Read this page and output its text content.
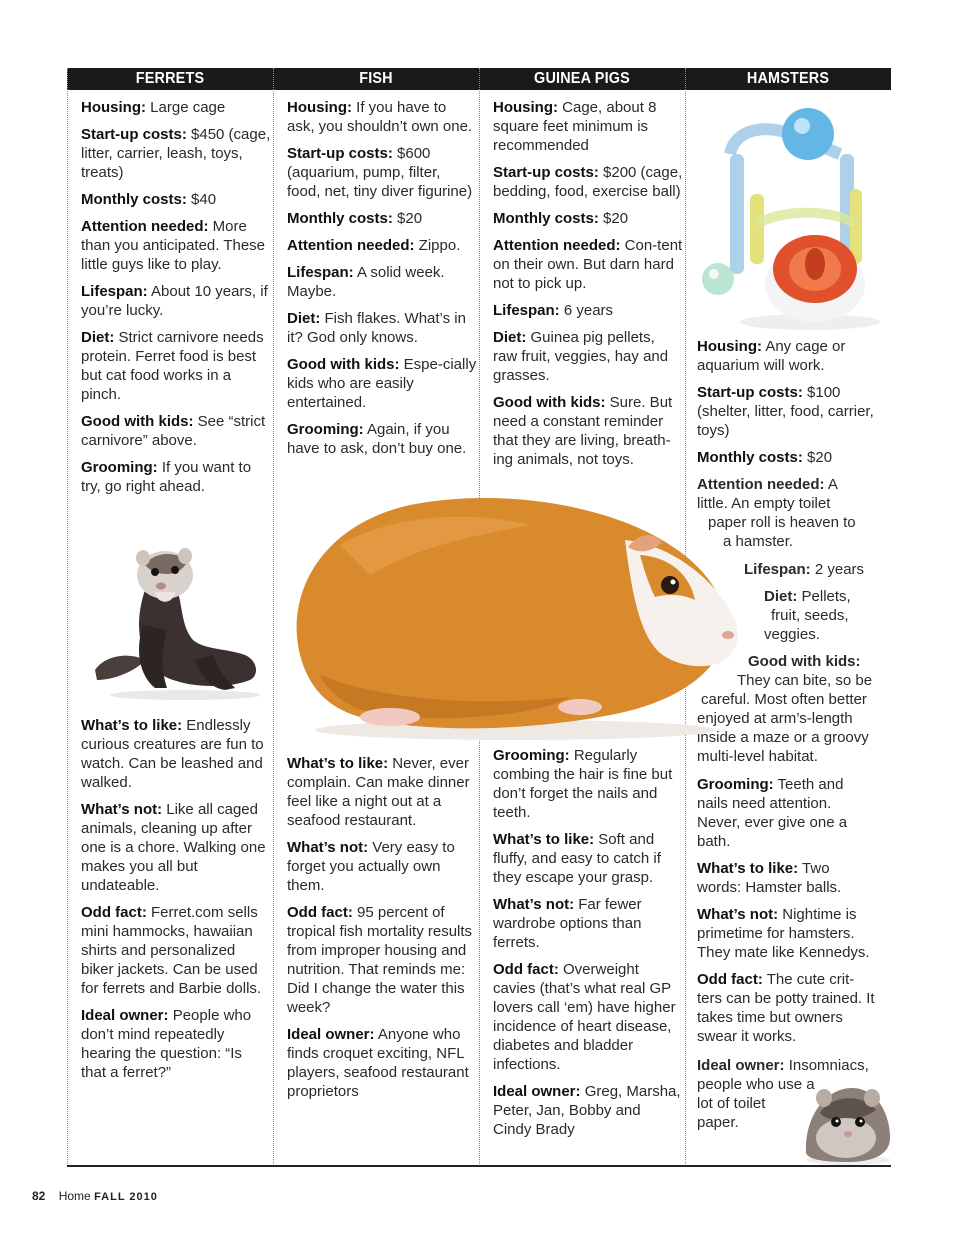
FERRETS	FISH	GUINEA PIGS	HAMSTERS
Housing: Large cage
Start-up costs: $450 (cage, litter, carrier, leash, toys, treats)
Monthly costs: $40
Attention needed: More than you anticipated. These little guys like to play.
Lifespan: About 10 years, if you’re lucky.
Diet: Strict carnivore needs protein. Ferret food is best but cat food works in a pinch.
Good with kids: See “strict carnivore” above.
Grooming: If you want to try, go right ahead.
What’s to like: Endlessly curious creatures are fun to watch. Can be leashed and walked.
What’s not: Like all caged animals, cleaning up after one is a chore. Walking one makes you all but undateable.
Odd fact: Ferret.com sells mini hammocks, hawaiian shirts and personalized biker jackets. Can be used for ferrets and Barbie dolls.
Ideal owner: People who don’t mind repeatedly hearing the question: “Is that a ferret?”
Housing: If you have to ask, you shouldn’t own one.
Start-up costs: $600 (aquarium, pump, filter, food, net, tiny diver figurine)
Monthly costs: $20
Attention needed: Zippo.
Lifespan: A solid week. Maybe.
Diet: Fish flakes. What’s in it? God only knows.
Good with kids: Espe-cially kids who are easily entertained.
Grooming: Again, if you have to ask, don’t buy one.
What’s to like: Never, ever complain. Can make dinner feel like a night out at a seafood restaurant.
What’s not: Very easy to forget you actually own them.
Odd fact: 95 percent of tropical fish mortality results from improper housing and nutrition. That reminds me: Did I change the water this week?
Ideal owner: Anyone who finds croquet exciting, NFL players, seafood restaurant proprietors
Housing: Cage, about 8 square feet minimum is recommended
Start-up costs: $200 (cage, bedding, food, exercise ball)
Monthly costs: $20
Attention needed: Con-tent on their own. But darn hard not to pick up.
Lifespan: 6 years
Diet: Guinea pig pellets, raw fruit, veggies, hay and grasses.
Good with kids: Sure. But need a constant reminder that they are living, breath-ing animals, not toys.
Grooming: Regularly combing the hair is fine but don’t forget the nails and teeth.
What’s to like: Soft and fluffy, and easy to catch if they escape your grasp.
What’s not: Far fewer wardrobe options than ferrets.
Odd fact: Overweight cavies (that’s what real GP lovers call ‘em) have higher incidence of heart disease, diabetes and bladder infections.
Ideal owner: Greg, Marsha, Peter, Jan, Bobby and Cindy Brady
Housing: Any cage or aquarium will work.
Start-up costs: $100 (shelter, litter, food, carrier, toys)
Monthly costs: $20
Attention needed: A
little. An empty toilet
paper roll is heaven to
a hamster.
Lifespan: 2 years
Diet: Pellets,
fruit, seeds,
veggies.
Good with kids:
They can bite, so be
careful. Most often better
enjoyed at arm’s-length
inside a maze or a groovy
multi-level habitat.
Ideal owner: Insomniacs,
people who use a
lot of toilet
paper.
Grooming: Teeth and nails need attention. Never, ever give one a bath.
What’s to like: Two words: Hamster balls.
What’s not: Nightime is primetime for hamsters. They mate like Kennedys.
Odd fact: The cute crit-ters can be potty trained. It takes time but owners swear it works.
82 Home FALL 2010
